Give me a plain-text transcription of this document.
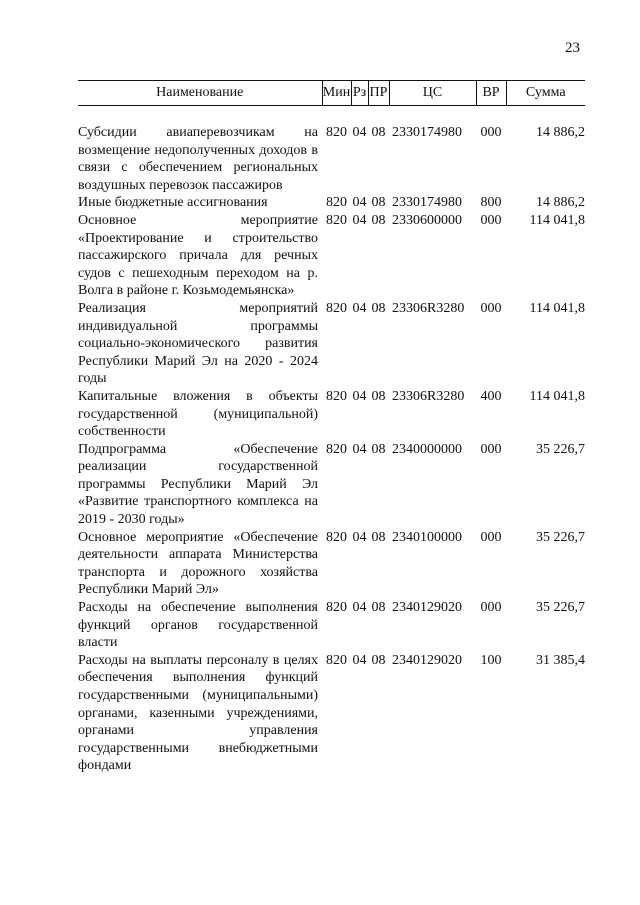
23
Наименование	Мин	Рз	ПР	ЦС	ВР	Сумма

Субсидии авиаперевозчикам на возмещение недополученных доходов в связи с обеспечением региональных воздушных перевозок пассажиров	820	04	08	2330174980	000	14 886,2
Иные бюджетные ассигнования	820	04	08	2330174980	800	14 886,2
Основное мероприятие «Проектирование и строительство пассажирского причала для речных судов с пешеходным переходом на р. Волга в районе г. Козьмодемьянска»	820	04	08	2330600000	000	114 041,8
Реализация мероприятий индивидуальной программы социально-экономического развития Республики Марий Эл на 2020 - 2024 годы	820	04	08	23306R3280	000	114 041,8
Капитальные вложения в объекты государственной (муниципальной) собственности	820	04	08	23306R3280	400	114 041,8
Подпрограмма «Обеспечение реализации государственной программы Республики Марий Эл «Развитие транспортного комплекса на 2019 - 2030 годы»	820	04	08	2340000000	000	35 226,7
Основное мероприятие «Обеспечение деятельности аппарата Министерства транспорта и дорожного хозяйства Республики Марий Эл»	820	04	08	2340100000	000	35 226,7
Расходы на обеспечение выполнения функций органов государственной власти	820	04	08	2340129020	000	35 226,7
Расходы на выплаты персоналу в целях обеспечения выполнения функций государственными (муниципальными) органами, казенными учреждениями, органами управления государственными внебюджетными фондами	820	04	08	2340129020	100	31 385,4
